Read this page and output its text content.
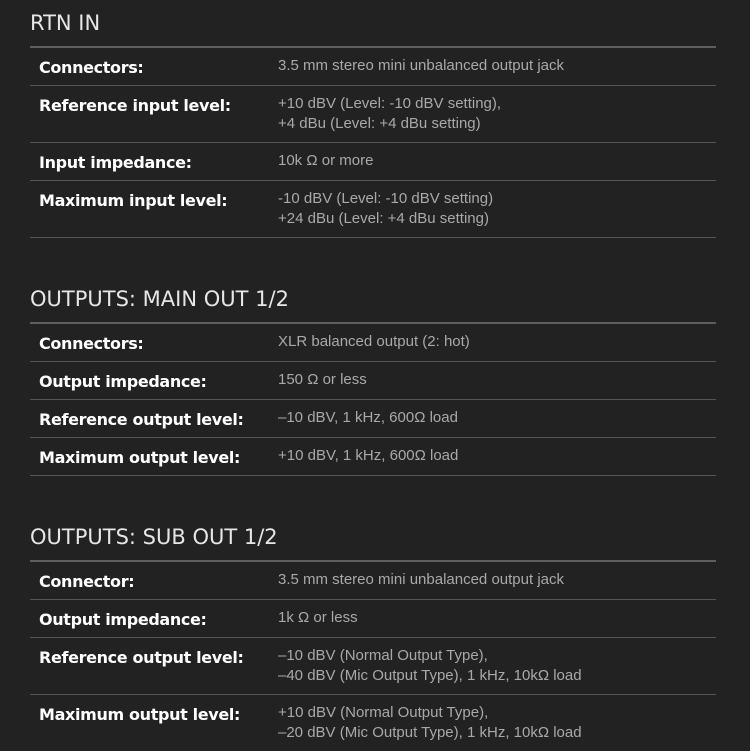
RTN IN
Connectors:	3.5 mm stereo mini unbalanced output jack
Reference input level:	+10 dBV (Level: -10 dBV setting),
+4 dBu (Level: +4 dBu setting)
Input impedance:	10k Ω or more
Maximum input level:	-10 dBV (Level: -10 dBV setting)
+24 dBu (Level: +4 dBu setting)
OUTPUTS: MAIN OUT 1/2
Connectors:	XLR balanced output (2: hot)
Output impedance:	150 Ω or less
Reference output level: –10 dBV, 1 kHz, 600Ω load
Maximum output level:	+10 dBV, 1 kHz, 600Ω load
OUTPUTS: SUB OUT 1/2
Connector:	3.5 mm stereo mini unbalanced output jack
Output impedance:	1k Ω or less
Reference output level: –10 dBV (Normal Output Type),
–40 dBV (Mic Output Type), 1 kHz, 10kΩ load
Maximum output level:	+10 dBV (Normal Output Type),
–20 dBV (Mic Output Type), 1 kHz, 10kΩ load
